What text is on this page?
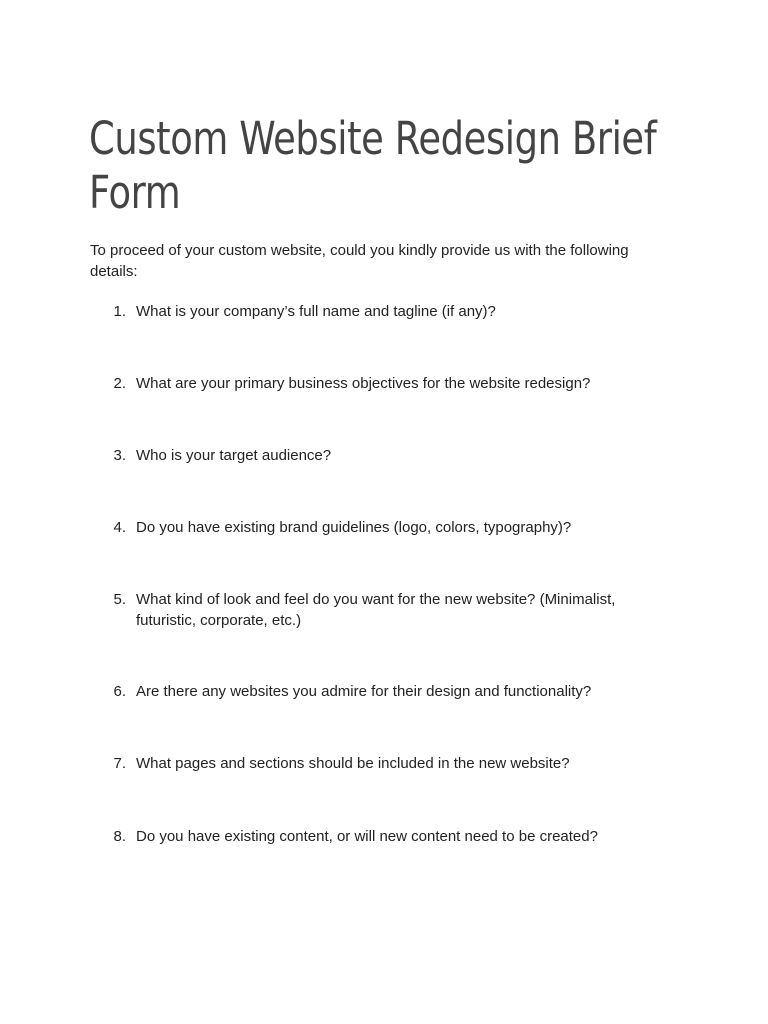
Custom Website Redesign Brief
Form

To proceed of your custom website, could you kindly provide us with the following details:

1. What is your company’s full name and tagline (if any)?
2. What are your primary business objectives for the website redesign?
3. Who is your target audience?
4. Do you have existing brand guidelines (logo, colors, typography)?
5. What kind of look and feel do you want for the new website? (Minimalist, futuristic, corporate, etc.)
6. Are there any websites you admire for their design and functionality?
7. What pages and sections should be included in the new website?
8. Do you have existing content, or will new content need to be created?
